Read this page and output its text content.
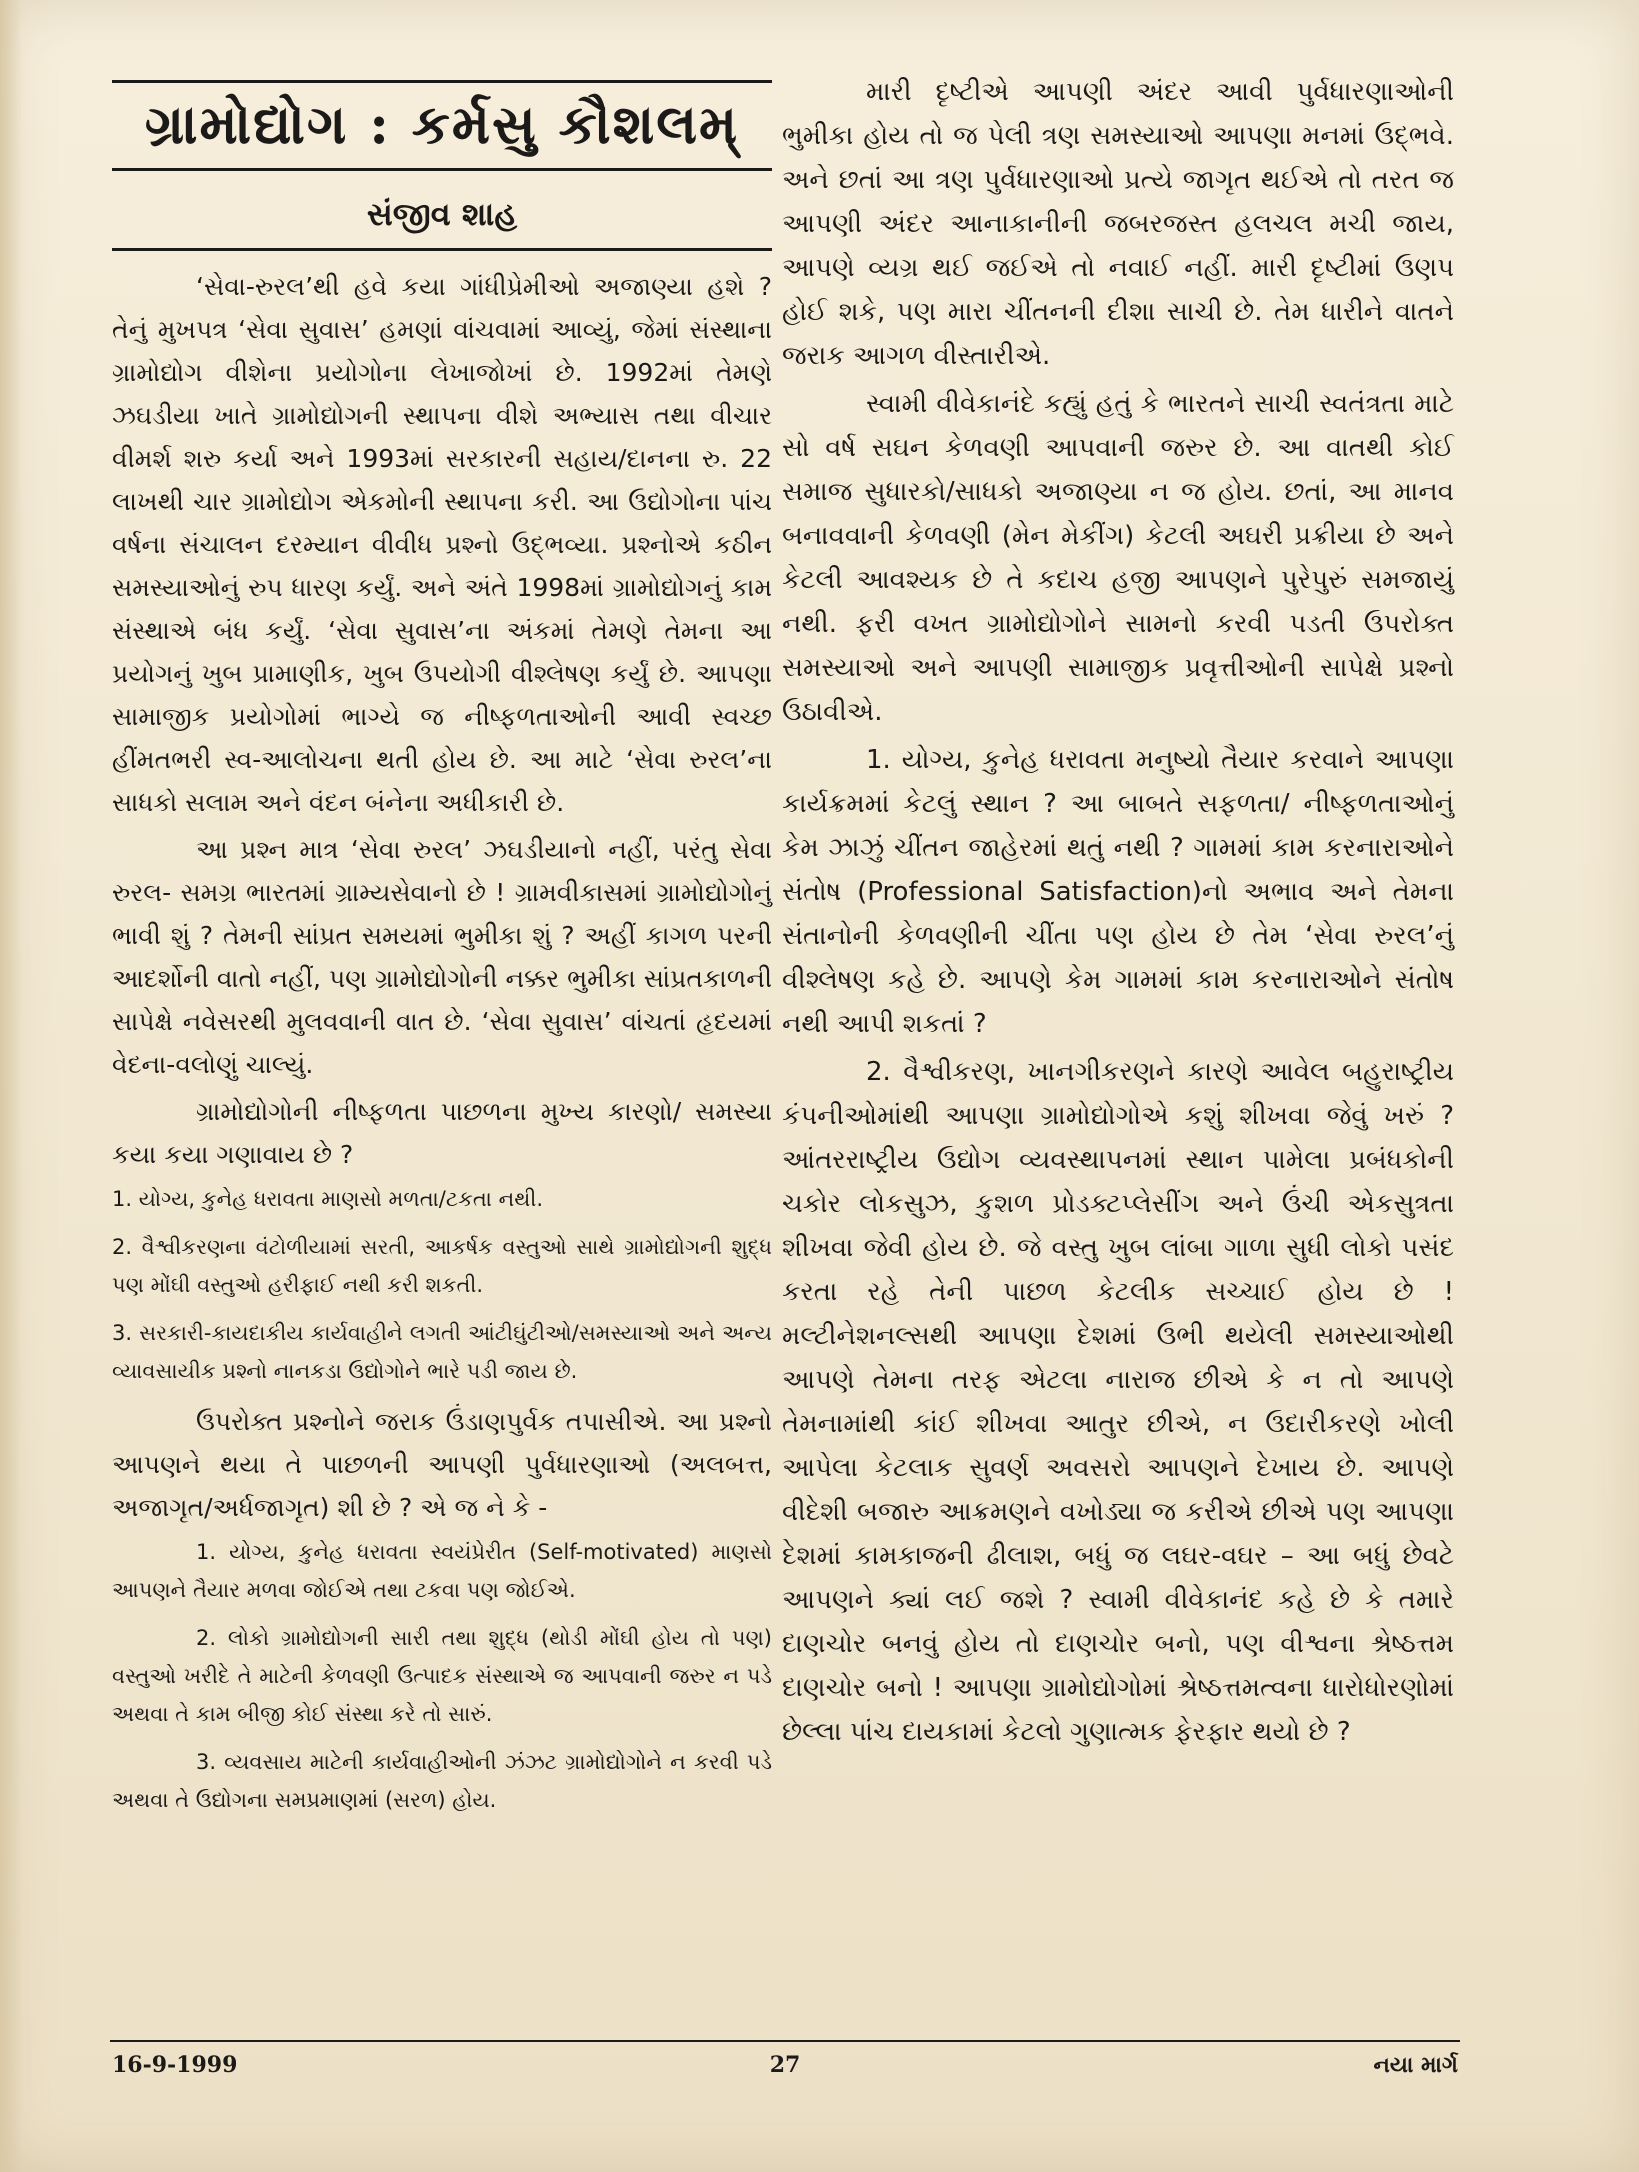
ગ્રામોદ્યોગ : કર્મસુ કૌશલમ્
સંજીવ શાહ

‘સેવા-રુરલ’થી હવે કયા ગાંધીપ્રેમીઓ અજાણ્યા હશે ? તેનું મુખપત્ર ‘સેવા સુવાસ’ હમણાં વાંચવામાં આવ્યું, જેમાં સંસ્થાના ગ્રામોદ્યોગ વીશેના પ્રયોગોના લેખાજોખાં છે. 1992માં તેમણે ઝઘડીયા ખાતે ગ્રામોદ્યોગની સ્થાપના વીશે અભ્યાસ તથા વીચાર વીમર્શ શરુ કર્યા અને 1993માં સરકારની સહાય/દાનના રુ. 22 લાખથી ચાર ગ્રામોદ્યોગ એકમોની સ્થાપના કરી. આ ઉદ્યોગોના પાંચ વર્ષના સંચાલન દરમ્યાન વીવીધ પ્રશ્નો ઉદ્ભવ્યા. પ્રશ્નોએ કઠીન સમસ્યાઓનું રુપ ધારણ કર્યું. અને અંતે 1998માં ગ્રામોદ્યોગનું કામ સંસ્થાએ બંધ કર્યું. ‘સેવા સુવાસ’ના અંકમાં તેમણે તેમના આ પ્રયોગનું ખુબ પ્રામાણીક, ખુબ ઉપયોગી વીશ્લેષણ કર્યું છે. આપણા સામાજીક પ્રયોગોમાં ભાગ્યે જ નીષ્ફળતાઓની આવી સ્વચ્છ હીંમતભરી સ્વ-આલોચના થતી હોય છે. આ માટે ‘સેવા રુરલ’ના સાધકો સલામ અને વંદન બંનેના અધીકારી છે.

આ પ્રશ્ન માત્ર ‘સેવા રુરલ’ ઝઘડીયાનો નહીં, પરંતુ સેવા રુરલ- સમગ્ર ભારતમાં ગ્રામ્યસેવાનો છે ! ગ્રામવીકાસમાં ગ્રામોદ્યોગોનું ભાવી શું ? તેમની સાંપ્રત સમયમાં ભુમીકા શું ? અહીં કાગળ પરની આદર્શોની વાતો નહીં, પણ ગ્રામોદ્યોગોની નક્કર ભુમીકા સાંપ્રતકાળની સાપેક્ષે નવેસરથી મુલવવાની વાત છે. ‘સેવા સુવાસ’ વાંચતાં હૃદયમાં વેદના-વલોણું ચાલ્યું.

ગ્રામોદ્યોગોની નીષ્ફળતા પાછળના મુખ્ય કારણો/ સમસ્યા કયા કયા ગણાવાય છે ?

1. યોગ્ય, કુનેહ ધરાવતા માણસો મળતા/ટકતા નથી.

2. વૈશ્વીકરણના વંટોળીયામાં સરતી, આકર્ષક વસ્તુઓ સાથે ગ્રામોદ્યોગની શુદ્ધ પણ મોંઘી વસ્તુઓ હરીફાઈ નથી કરી શકતી.

3. સરકારી-કાયદાકીય કાર્યવાહીને લગતી આંટીઘુંટીઓ/સમસ્યાઓ અને અન્ય વ્યાવસાયીક પ્રશ્નો નાનકડા ઉદ્યોગોને ભારે પડી જાય છે.

ઉપરોક્ત પ્રશ્નોને જરાક ઉંડાણપુર્વક તપાસીએ. આ પ્રશ્નો આપણને થયા તે પાછળની આપણી પુર્વધારણાઓ (અલબત્ત, અજાગૃત/અર્ધજાગૃત) શી છે ? એ જ ને કે -

1. યોગ્ય, કુનેહ ધરાવતા સ્વયંપ્રેરીત (Self-motivated) માણસો આપણને તૈયાર મળવા જોઈએ તથા ટકવા પણ જોઈએ.

2. લોકો ગ્રામોદ્યોગની સારી તથા શુદ્ધ (થોડી મોંઘી હોય તો પણ) વસ્તુઓ ખરીદે તે માટેની કેળવણી ઉત્પાદક સંસ્થાએ જ આપવાની જરુર ન પડે અથવા તે કામ બીજી કોઈ સંસ્થા કરે તો સારું.

3. વ્યવસાય માટેની કાર્યવાહીઓની ઝંઝટ ગ્રામોદ્યોગોને ન કરવી પડે અથવા તે ઉદ્યોગના સમપ્રમાણમાં (સરળ) હોય.

મારી દૃષ્ટીએ આપણી અંદર આવી પુર્વધારણાઓની ભુમીકા હોય તો જ પેલી ત્રણ સમસ્યાઓ આપણા મનમાં ઉદ્ભવે. અને છતાં આ ત્રણ પુર્વધારણાઓ પ્રત્યે જાગૃત થઈએ તો તરત જ આપણી અંદર આનાકાનીની જબરજસ્ત હલચલ મચી જાય, આપણે વ્યગ્ર થઈ જઈએ તો નવાઈ નહીં. મારી દૃષ્ટીમાં ઉણપ હોઈ શકે, પણ મારા ચીંતનની દીશા સાચી છે. તેમ ધારીને વાતને જરાક આગળ વીસ્તારીએ.

સ્વામી વીવેકાનંદે કહ્યું હતું કે ભારતને સાચી સ્વતંત્રતા માટે સો વર્ષ સઘન કેળવણી આપવાની જરુર છે. આ વાતથી કોઈ સમાજ સુધારકો/સાધકો અજાણ્યા ન જ હોય. છતાં, આ માનવ બનાવવાની કેળવણી (મેન મેકીંગ) કેટલી અઘરી પ્રક્રીયા છે અને કેટલી આવશ્યક છે તે કદાચ હજી આપણને પુરેપુરું સમજાયું નથી. ફરી વખત ગ્રામોદ્યોગોને સામનો કરવી પડતી ઉપરોક્ત સમસ્યાઓ અને આપણી સામાજીક પ્રવૃત્તીઓની સાપેક્ષે પ્રશ્નો ઉઠાવીએ.

1. યોગ્ય, કુનેહ ધરાવતા મનુષ્યો તૈયાર કરવાને આપણા કાર્યક્રમમાં કેટલું સ્થાન ? આ બાબતે સફળતા/ નીષ્ફળતાઓનું કેમ ઝાઝું ચીંતન જાહેરમાં થતું નથી ? ગામમાં કામ કરનારાઓને સંતોષ (Professional Satisfaction)નો અભાવ અને તેમના સંતાનોની કેળવણીની ચીંતા પણ હોય છે તેમ ‘સેવા રુરલ’નું વીશ્લેષણ કહે છે. આપણે કેમ ગામમાં કામ કરનારાઓને સંતોષ નથી આપી શકતાં ?

2. વૈશ્વીકરણ, ખાનગીકરણને કારણે આવેલ બહુરાષ્ટ્રીય કંપનીઓમાંથી આપણા ગ્રામોદ્યોગોએ કશું શીખવા જેવું ખરું ? આંતરરાષ્ટ્રીય ઉદ્યોગ વ્યવસ્થાપનમાં સ્થાન પામેલા પ્રબંધકોની ચકોર લોકસુઝ, કુશળ પ્રોડક્ટપ્લેસીંગ અને ઉંચી એકસુત્રતા શીખવા જેવી હોય છે. જે વસ્તુ ખુબ લાંબા ગાળા સુધી લોકો પસંદ કરતા રહે તેની પાછળ કેટલીક સચ્ચાઈ હોય છે ! મલ્ટીનેશનલ્સથી આપણા દેશમાં ઉભી થયેલી સમસ્યાઓથી આપણે તેમના તરફ એટલા નારાજ છીએ કે ન તો આપણે તેમનામાંથી કાંઈ શીખવા આતુર છીએ, ન ઉદારીકરણે ખોલી આપેલા કેટલાક સુવર્ણ અવસરો આપણને દેખાય છે. આપણે વીદેશી બજારુ આક્રમણને વખોડ્યા જ કરીએ છીએ પણ આપણા દેશમાં કામકાજની ઢીલાશ, બધું જ લઘર-વઘર – આ બધું છેવટે આપણને ક્યાં લઈ જશે ? સ્વામી વીવેકાનંદ કહે છે કે તમારે દાણચોર બનવું હોય તો દાણચોર બનો, પણ વીશ્વના શ્રેષ્ઠત્તમ દાણચોર બનો ! આપણા ગ્રામોદ્યોગોમાં શ્રેષ્ઠત્તમત્વના ધારોધોરણોમાં છેલ્લા પાંચ દાયકામાં કેટલો ગુણાત્મક ફેરફાર થયો છે ?

16-9-1999	27	નયા માર્ગ
